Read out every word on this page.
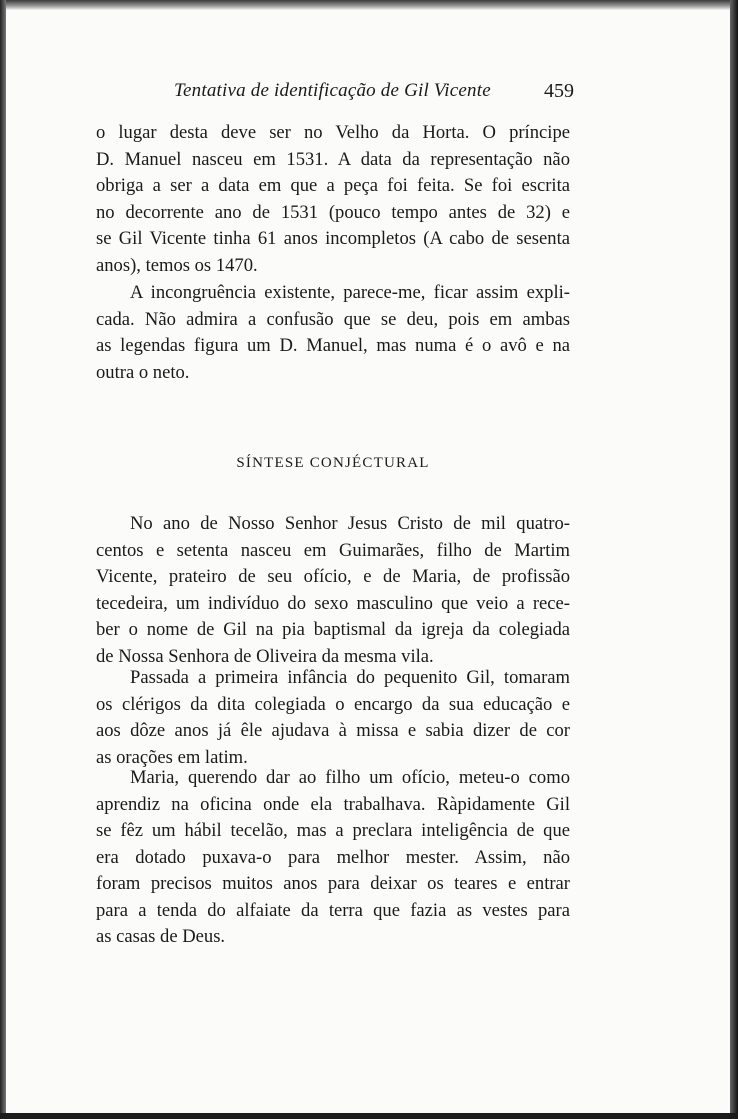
Tentativa de identificação de Gil Vicente	459
o lugar desta deve ser no Velho da Horta. O príncipe
D. Manuel nasceu em 1531. A data da representação não
obriga a ser a data em que a peça foi feita. Se foi escrita
no decorrente ano de 1531 (pouco tempo antes de 32) e
se Gil Vicente tinha 61 anos incompletos (A cabo de sesenta
anos), temos os 1470.
A incongruência existente, parece-me, ficar assim expli-
cada. Não admira a confusão que se deu, pois em ambas
as legendas figura um D. Manuel, mas numa é o avô e na
outra o neto.
SÍNTESE CONJÉCTURAL
No ano de Nosso Senhor Jesus Cristo de mil quatro-
centos e setenta nasceu em Guimarães, filho de Martim
Vicente, prateiro de seu ofício, e de Maria, de profissão
tecedeira, um indivíduo do sexo masculino que veio a rece-
ber o nome de Gil na pia baptismal da igreja da colegiada
de Nossa Senhora de Oliveira da mesma vila.
Passada a primeira infância do pequenito Gil, tomaram
os clérigos da dita colegiada o encargo da sua educação e
aos dôze anos já êle ajudava à missa e sabia dizer de cor
as orações em latim.
Maria, querendo dar ao filho um ofício, meteu-o como
aprendiz na oficina onde ela trabalhava. Ràpidamente Gil
se fêz um hábil tecelão, mas a preclara inteligência de que
era dotado puxava-o para melhor mester. Assim, não
foram precisos muitos anos para deixar os teares e entrar
para a tenda do alfaiate da terra que fazia as vestes para
as casas de Deus.
